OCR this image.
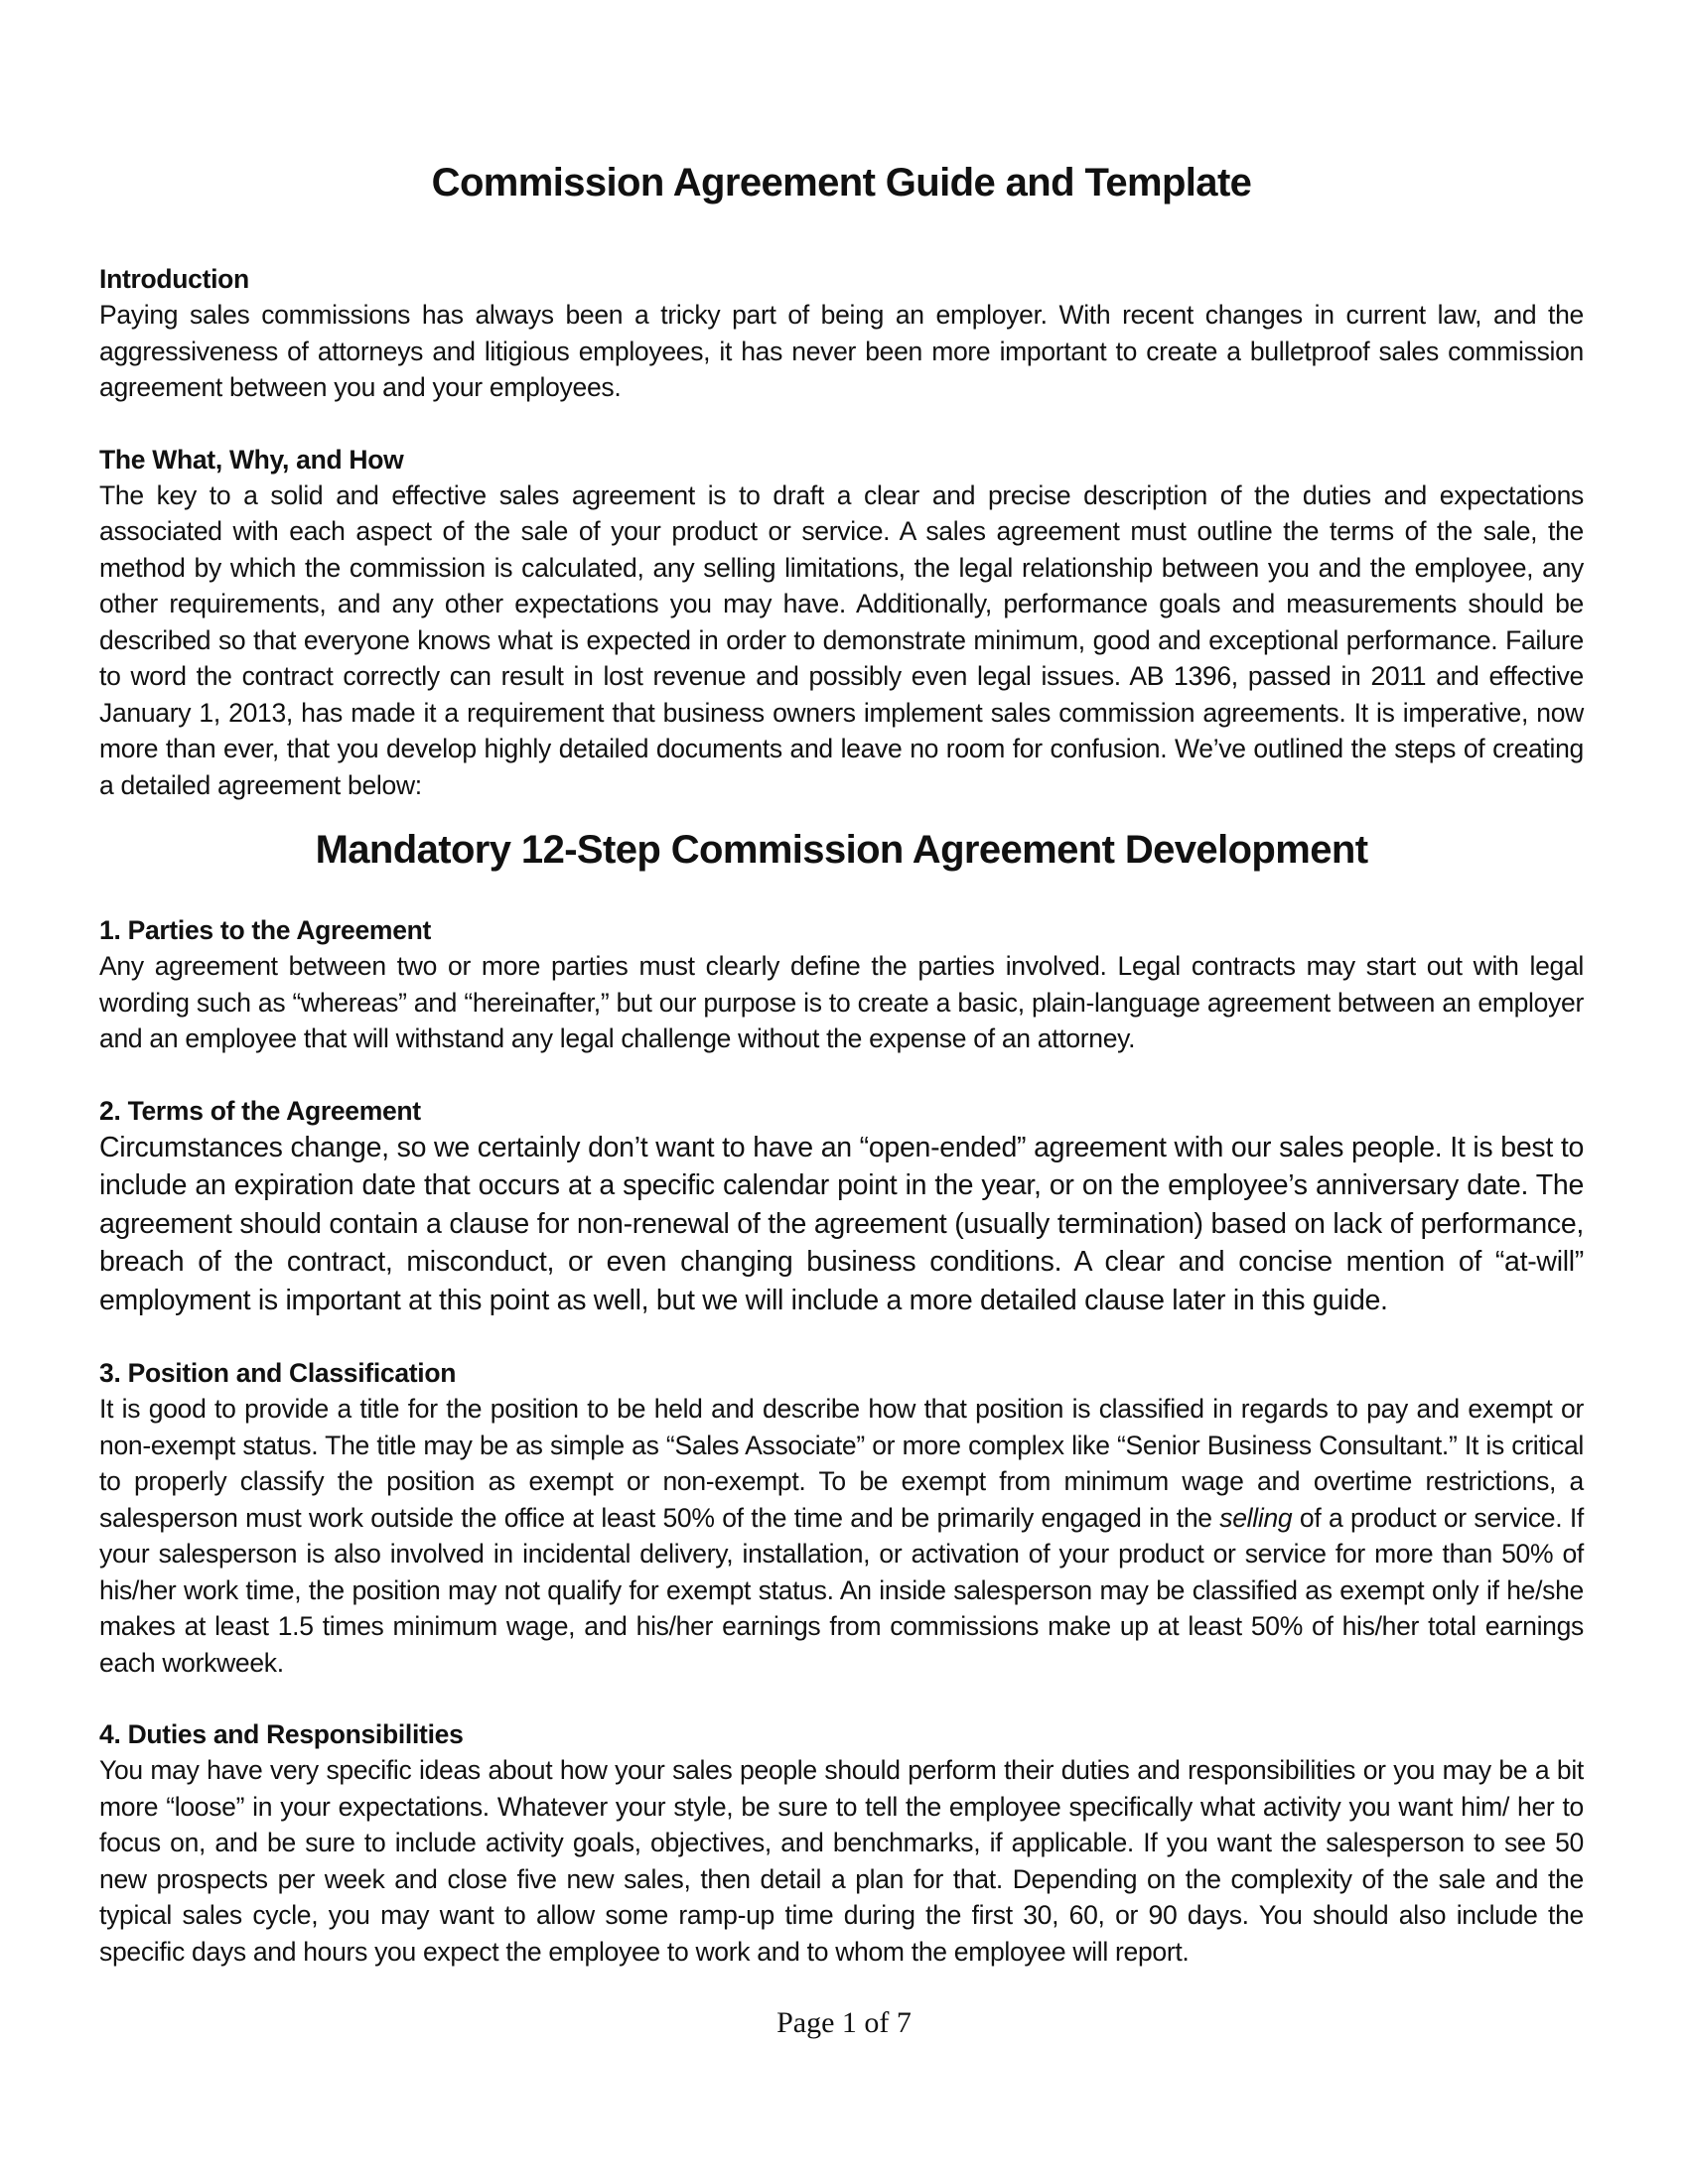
Commission Agreement Guide and Template

Introduction

Paying sales commissions has always been a tricky part of being an employer. With recent changes in current law, and the aggressiveness of attorneys and litigious employees, it has never been more important to create a bulletproof sales commission agreement between you and your employees.

The What, Why, and How

The key to a solid and effective sales agreement is to draft a clear and precise description of the duties and expectations associated with each aspect of the sale of your product or service. A sales agreement must outline the terms of the sale, the method by which the commission is calculated, any selling limitations, the legal relationship between you and the employee, any other requirements, and any other expectations you may have. Additionally, performance goals and measurements should be described so that everyone knows what is expected in order to demonstrate minimum, good and exceptional performance. Failure to word the contract correctly can result in lost revenue and possibly even legal issues. AB 1396, passed in 2011 and effective January 1, 2013, has made it a requirement that business owners implement sales commission agreements. It is imperative, now more than ever, that you develop highly detailed documents and leave no room for confusion. We’ve outlined the steps of creating a detailed agreement below:

Mandatory 12-Step Commission Agreement Development

1. Parties to the Agreement

Any agreement between two or more parties must clearly define the parties involved. Legal contracts may start out with legal wording such as “whereas” and “hereinafter,” but our purpose is to create a basic, plain-language agreement between an employer and an employee that will withstand any legal challenge without the expense of an attorney.

2. Terms of the Agreement

Circumstances change, so we certainly don’t want to have an “open-ended” agreement with our sales people. It is best to include an expiration date that occurs at a specific calendar point in the year, or on the employee’s anniversary date. The agreement should contain a clause for non-renewal of the agreement (usually termination) based on lack of performance, breach of the contract, misconduct, or even changing business conditions. A clear and concise mention of “at-will” employment is important at this point as well, but we will include a more detailed clause later in this guide.

3. Position and Classification

It is good to provide a title for the position to be held and describe how that position is classified in regards to pay and exempt or non-exempt status. The title may be as simple as “Sales Associate” or more complex like “Senior Business Consultant.” It is critical to properly classify the position as exempt or non-exempt. To be exempt from minimum wage and overtime restrictions, a salesperson must work outside the office at least 50% of the time and be primarily engaged in the selling of a product or service. If your salesperson is also involved in incidental delivery, installation, or activation of your product or service for more than 50% of his/her work time, the position may not qualify for exempt status. An inside salesperson may be classified as exempt only if he/she makes at least 1.5 times minimum wage, and his/her earnings from commissions make up at least 50% of his/her total earnings each workweek.

4. Duties and Responsibilities

You may have very specific ideas about how your sales people should perform their duties and responsibilities or you may be a bit more “loose” in your expectations. Whatever your style, be sure to tell the employee specifically what activity you want him/ her to focus on, and be sure to include activity goals, objectives, and benchmarks, if applicable. If you want the salesperson to see 50 new prospects per week and close five new sales, then detail a plan for that. Depending on the complexity of the sale and the typical sales cycle, you may want to allow some ramp-up time during the first 30, 60, or 90 days. You should also include the specific days and hours you expect the employee to work and to whom the employee will report.

Page 1 of 7
